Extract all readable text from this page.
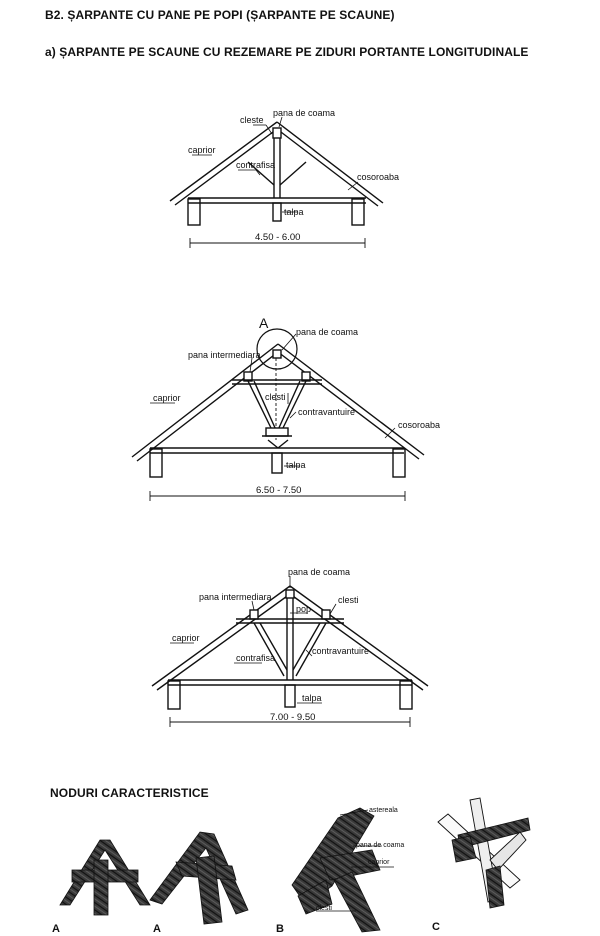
B2. ȘARPANTE CU PANE PE POPI (ȘARPANTE PE SCAUNE)
a) ȘARPANTE PE SCAUNE CU REZEMARE PE ZIDURI PORTANTE LONGITUDINALE
NODURI CARACTERISTICE
cleste
pana de coama
caprior
contrafisa
cosoroaba
talpa
4.50 - 6.00
A
pana de coama
pana intermediara
caprior	clesti
contravantuire
cosoroaba
talpa
6.50 - 7.50
pana de coama
pana intermediara
pop
clesti
caprior
contrafisa
contravantuire
talpa
7.00 - 9.50
astereala
pana de coama
caprior
clesti
A	A	B	C
